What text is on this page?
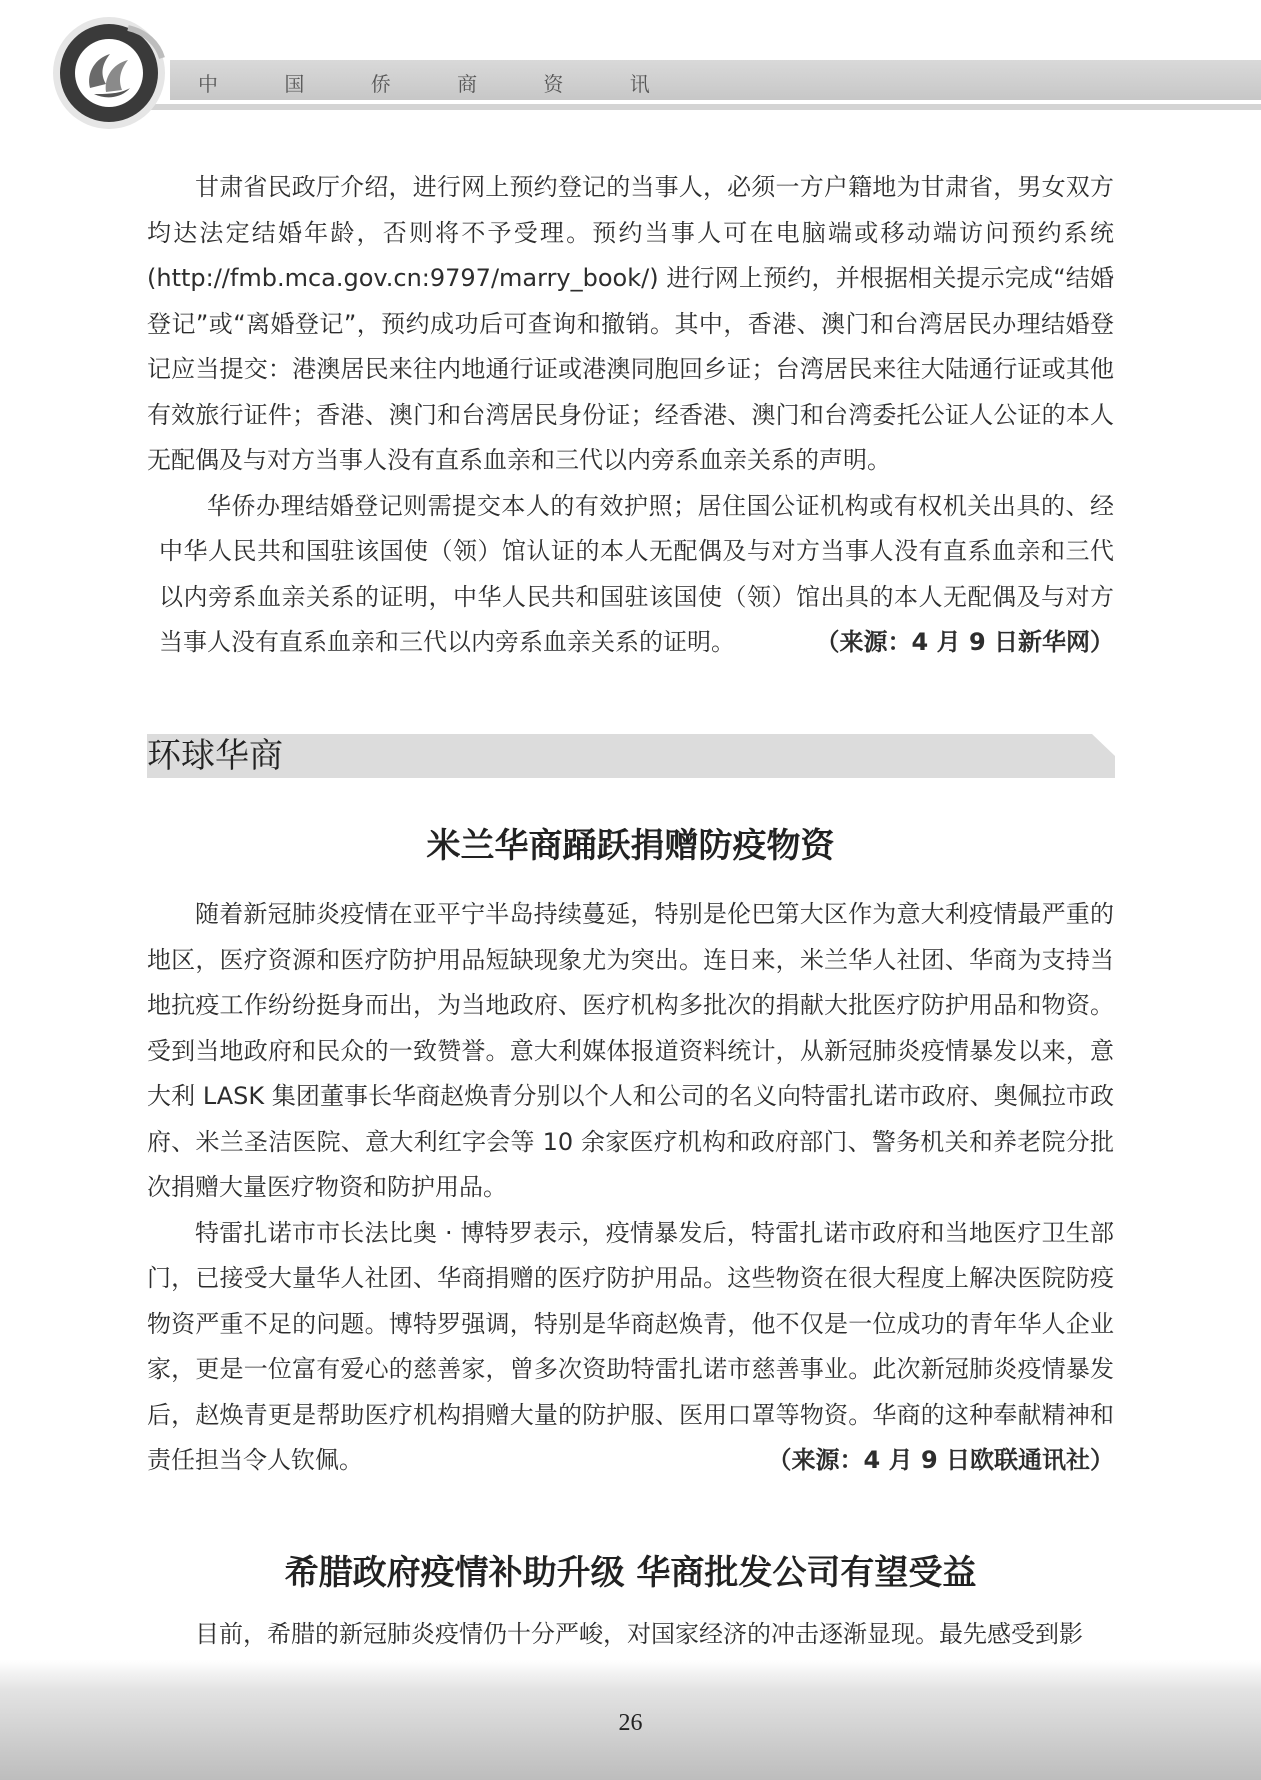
中 国 侨 商 资 讯

甘肃省民政厅介绍，进行网上预约登记的当事人，必须一方户籍地为甘肃省，男女双方均达法定结婚年龄，否则将不予受理。预约当事人可在电脑端或移动端访问预约系统(http://fmb.mca.gov.cn:9797/marry_book/) 进行网上预约，并根据相关提示完成“结婚登记”或“离婚登记”，预约成功后可查询和撤销。其中，香港、澳门和台湾居民办理结婚登记应当提交：港澳居民来往内地通行证或港澳同胞回乡证；台湾居民来往大陆通行证或其他有效旅行证件；香港、澳门和台湾居民身份证；经香港、澳门和台湾委托公证人公证的本人无配偶及与对方当事人没有直系血亲和三代以内旁系血亲关系的声明。

华侨办理结婚登记则需提交本人的有效护照；居住国公证机构或有权机关出具的、经中华人民共和国驻该国使（领）馆认证的本人无配偶及与对方当事人没有直系血亲和三代以内旁系血亲关系的证明，中华人民共和国驻该国使（领）馆出具的本人无配偶及与对方当事人没有直系血亲和三代以内旁系血亲关系的证明。	（来源：4 月 9 日新华网）

环球华商
米兰华商踊跃捐赠防疫物资

随着新冠肺炎疫情在亚平宁半岛持续蔓延，特别是伦巴第大区作为意大利疫情最严重的地区，医疗资源和医疗防护用品短缺现象尤为突出。连日来，米兰华人社团、华商为支持当地抗疫工作纷纷挺身而出，为当地政府、医疗机构多批次的捐献大批医疗防护用品和物资。受到当地政府和民众的一致赞誉。意大利媒体报道资料统计，从新冠肺炎疫情暴发以来，意大利 LASK 集团董事长华商赵焕青分别以个人和公司的名义向特雷扎诺市政府、奥佩拉市政府、米兰圣洁医院、意大利红字会等 10 余家医疗机构和政府部门、警务机关和养老院分批次捐赠大量医疗物资和防护用品。

特雷扎诺市市长法比奥 · 博特罗表示，疫情暴发后，特雷扎诺市政府和当地医疗卫生部门，已接受大量华人社团、华商捐赠的医疗防护用品。这些物资在很大程度上解决医院防疫物资严重不足的问题。博特罗强调，特别是华商赵焕青，他不仅是一位成功的青年华人企业家，更是一位富有爱心的慈善家，曾多次资助特雷扎诺市慈善事业。此次新冠肺炎疫情暴发后，赵焕青更是帮助医疗机构捐赠大量的防护服、医用口罩等物资。华商的这种奉献精神和责任担当令人钦佩。	（来源：4 月 9 日欧联通讯社）

希腊政府疫情补助升级 华商批发公司有望受益

目前，希腊的新冠肺炎疫情仍十分严峻，对国家经济的冲击逐渐显现。最先感受到影

26
